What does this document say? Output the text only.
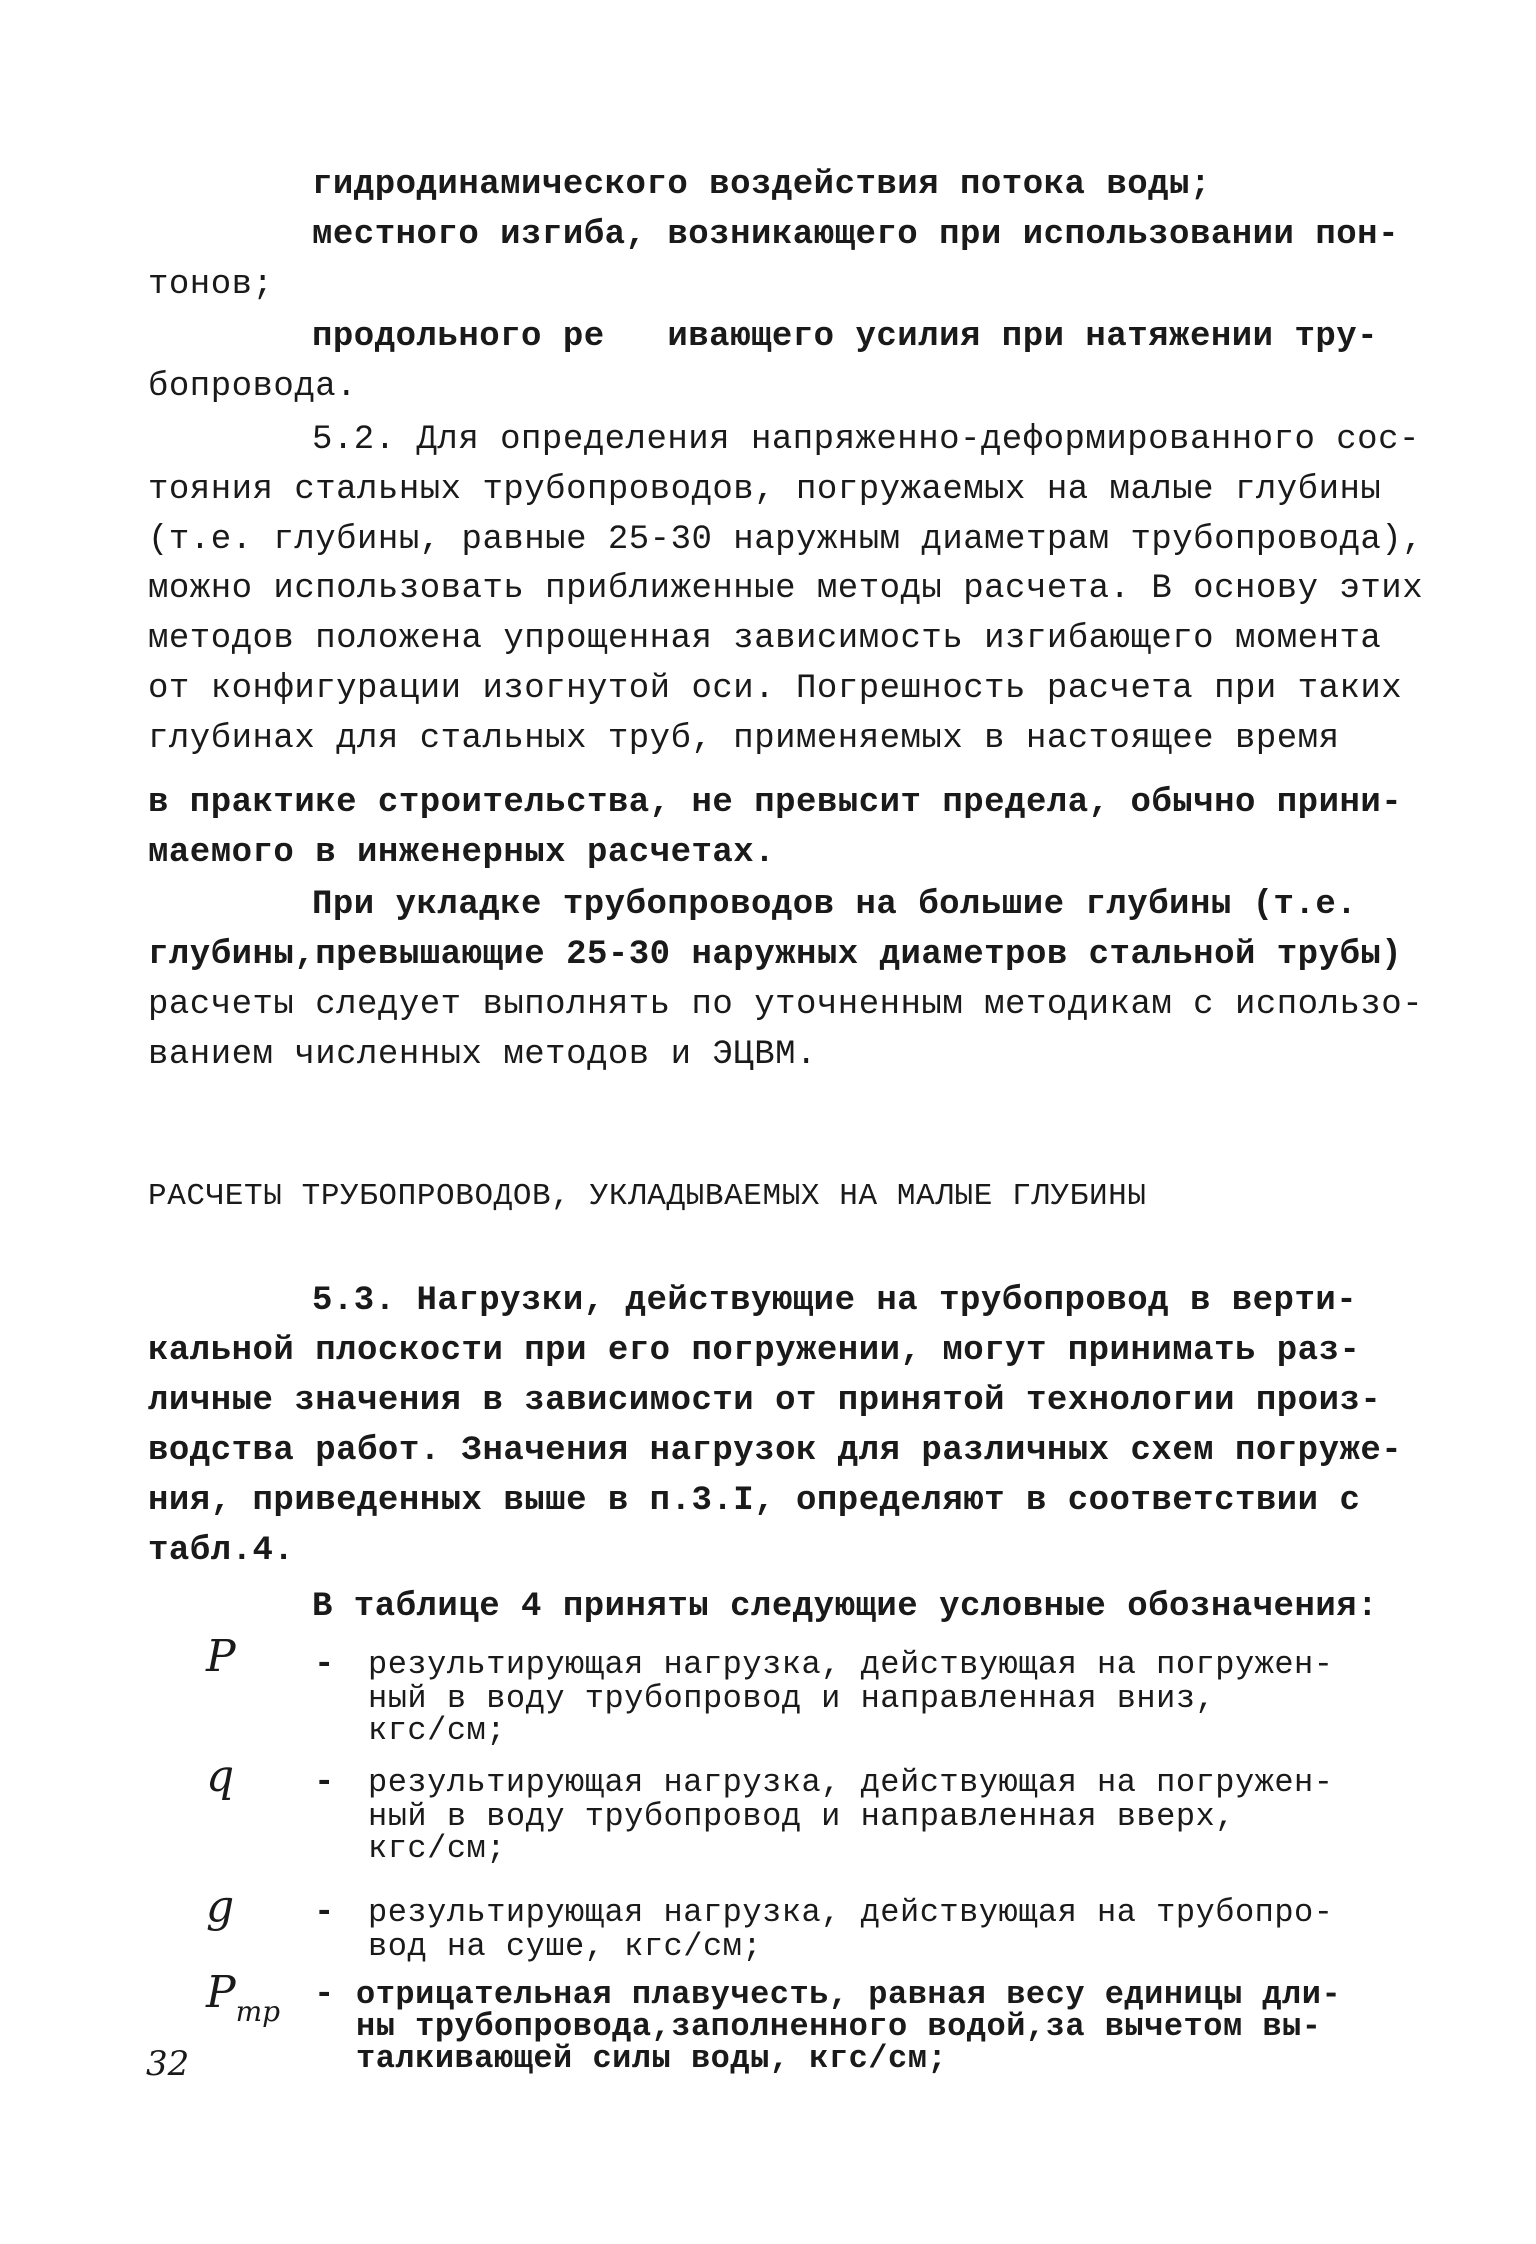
гидродинамического воздействия потока воды;
местного изгиба, возникающего при использовании пон-
тонов;
продольного ре   ивающего усилия при натяжении тру-
бопровода.
5.2. Для определения напряженно-деформированного сос-
тояния стальных трубопроводов, погружаемых на малые глубины
(т.е. глубины, равные 25-30 наружным диаметрам трубопровода),
можно использовать приближенные методы расчета. В основу этих
методов положена упрощенная зависимость изгибающего момента
от конфигурации изогнутой оси. Погрешность расчета при таких
глубинах для стальных труб, применяемых в настоящее время
в практике строительства, не превысит предела, обычно прини-
маемого в инженерных расчетах.
При укладке трубопроводов на большие глубины (т.е.
глубины,превышающие 25-30 наружных диаметров стальной трубы)
расчеты следует выполнять по уточненным методикам с использо-
ванием численных методов и ЭЦВМ.
РАСЧЕТЫ ТРУБОПРОВОДОВ, УКЛАДЫВАЕМЫХ НА МАЛЫЕ ГЛУБИНЫ
5.3. Нагрузки, действующие на трубопровод в верти-
кальной плоскости при его погружении, могут принимать раз-
личные значения в зависимости от принятой технологии произ-
водства работ. Значения нагрузок для различных схем погруже-
ния, приведенных выше в п.3.I, определяют в соответствии с
табл.4.
В таблице 4 приняты следующие условные обозначения:
P - результирующая нагрузка, действующая на погружен-
ный в воду трубопровод и направленная вниз,
кгс/см;
q - результирующая нагрузка, действующая на погружен-
ный в воду трубопровод и направленная вверх,
кгс/см;
g - результирующая нагрузка, действующая на трубопро-
вод на суше, кгс/см;
$P_{тр}$ - отрицательная плавучесть, равная весу единицы дли-
ны трубопровода,заполненного водой,за вычетом вы-
талкивающей силы воды, кгс/см;
32
